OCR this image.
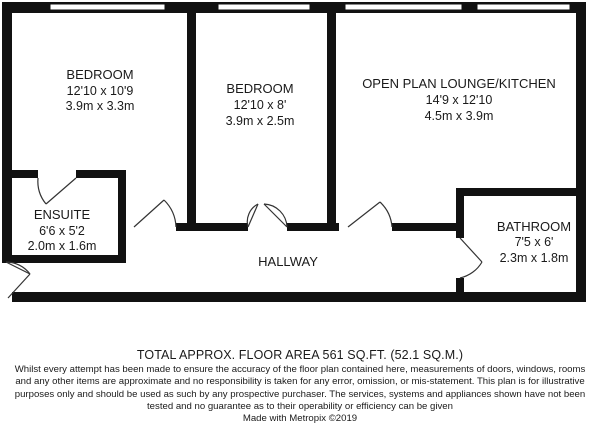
BEDROOM
12'10 x 10'9
3.9m x 3.3m
BEDROOM
12'10 x 8'
3.9m x 2.5m
OPEN PLAN LOUNGE/KITCHEN
14'9 x 12'10
4.5m x 3.9m
ENSUITE
6'6 x 5'2
2.0m x 1.6m
BATHROOM
7'5 x 6'
2.3m x 1.8m
HALLWAY
TOTAL APPROX. FLOOR AREA 561 SQ.FT. (52.1 SQ.M.)
Whilst every attempt has been made to ensure the accuracy of the floor plan contained here, measurements of doors, windows, rooms and any other items are approximate and no responsibility is taken for any error, omission, or mis-statement. This plan is for illustrative purposes only and should be used as such by any prospective purchaser. The services, systems and appliances shown have not been tested and no guarantee as to their operability or efficiency can be given
Made with Metropix ©2019
